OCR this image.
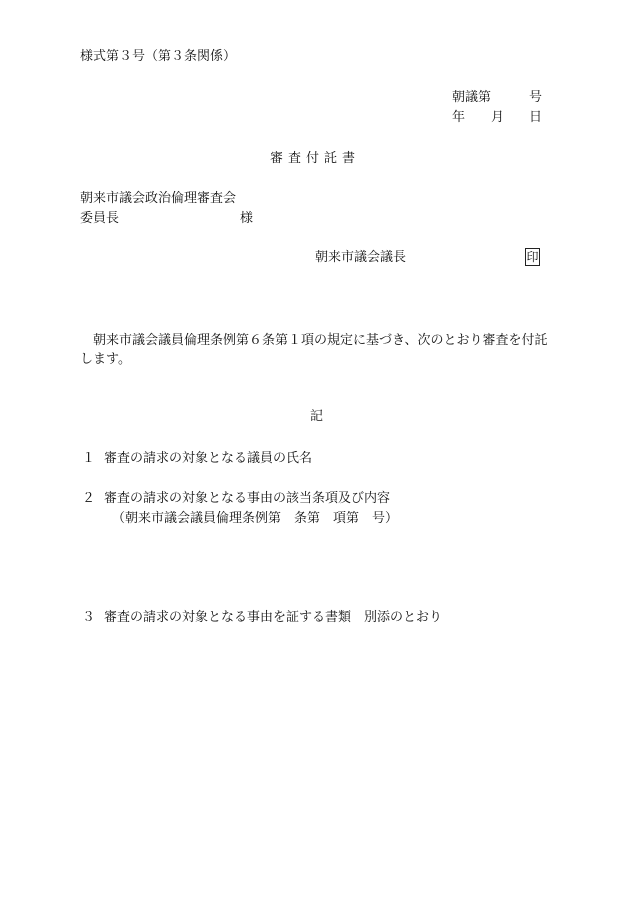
様式第３号（第３条関係）
朝議第	号
年 月 日
審査付託書
朝来市議会政治倫理審査会
委員長	様
朝来市議会議長	印
朝来市議会議員倫理条例第６条第１項の規定に基づき、次のとおり審査を付託します。
記
１ 審査の請求の対象となる議員の氏名
２ 審査の請求の対象となる事由の該当条項及び内容
（朝来市議会議員倫理条例第　条第　項第　号）
３ 審査の請求の対象となる事由を証する書類　別添のとおり
